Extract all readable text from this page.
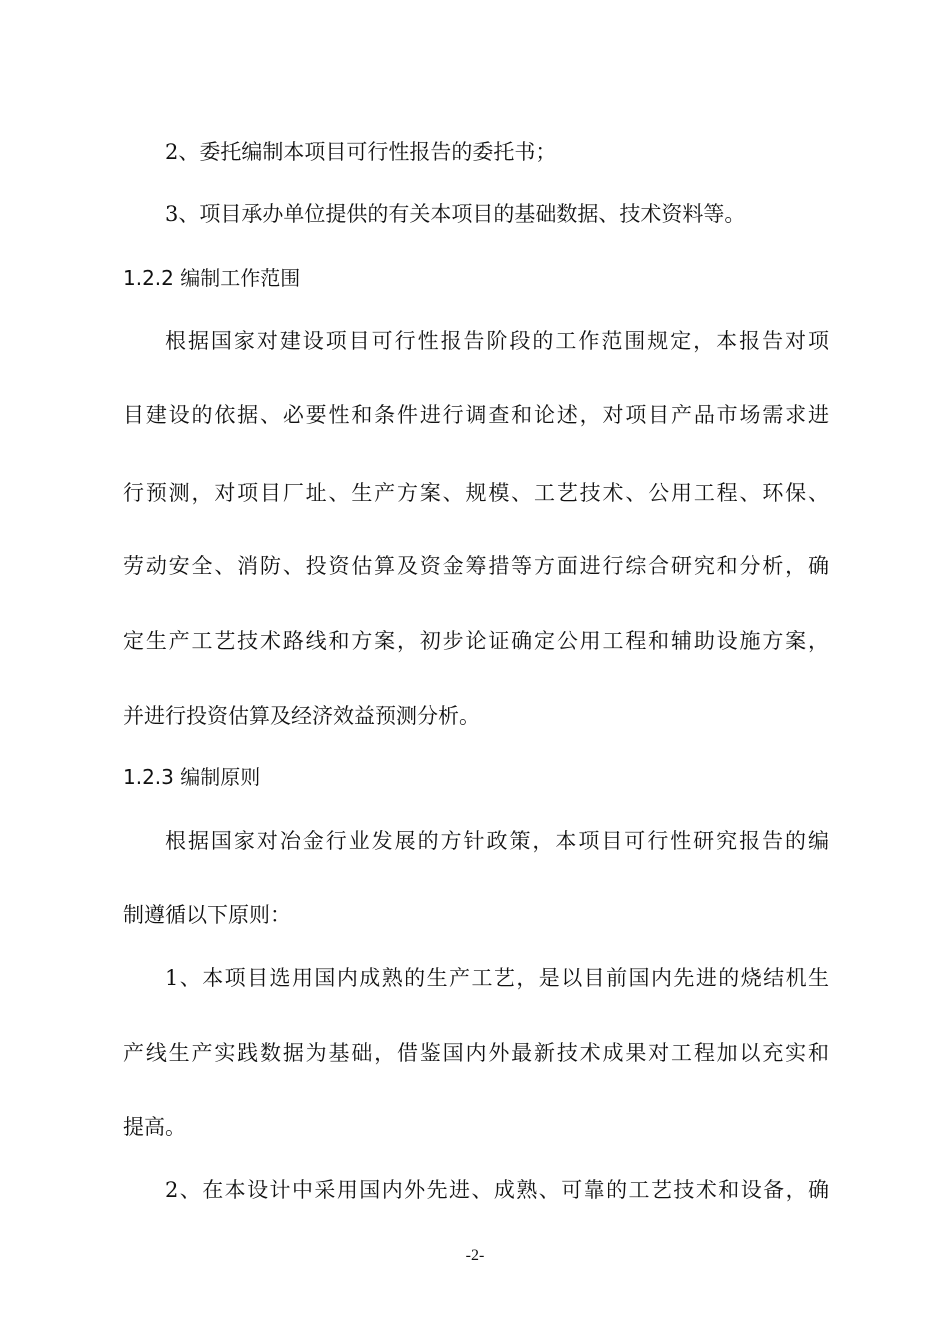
2、委托编制本项目可行性报告的委托书；
3、项目承办单位提供的有关本项目的基础数据、技术资料等。
1.2.2 编制工作范围
根据国家对建设项目可行性报告阶段的工作范围规定，本报告对项
目建设的依据、必要性和条件进行调查和论述，对项目产品市场需求进
行预测，对项目厂址、生产方案、规模、工艺技术、公用工程、环保、
劳动安全、消防、投资估算及资金筹措等方面进行综合研究和分析，确
定生产工艺技术路线和方案，初步论证确定公用工程和辅助设施方案，
并进行投资估算及经济效益预测分析。
1.2.3 编制原则
根据国家对冶金行业发展的方针政策，本项目可行性研究报告的编
制遵循以下原则：
1、本项目选用国内成熟的生产工艺，是以目前国内先进的烧结机生
产线生产实践数据为基础，借鉴国内外最新技术成果对工程加以充实和
提高。
2、在本设计中采用国内外先进、成熟、可靠的工艺技术和设备，确
-2-
